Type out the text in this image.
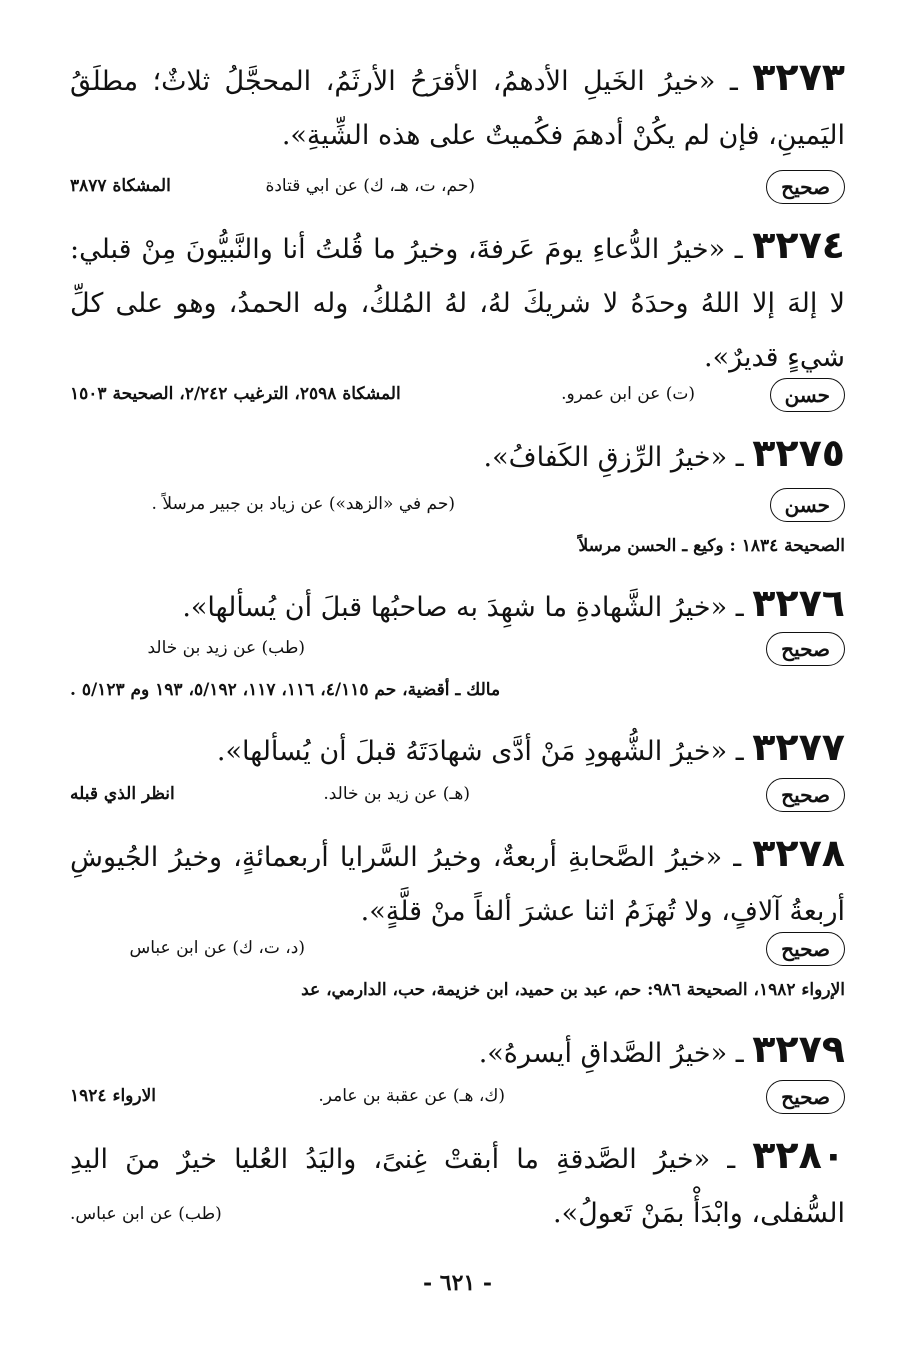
٣٢٧٣ ـ «خيرُ الخَيلِ الأدهمُ، الأقرَحُ الأرثَمُ، المحجَّلُ ثلاثٌ؛ مطلَقُ اليَمينِ، فإن لم يكُنْ أدهمَ فكُميتٌ على هذه الشِّيةِ».
صحيح
(حم، ت، هـ، ك) عن ابي قتادة
المشكاة ٣٨٧٧
٣٢٧٤ ـ «خيرُ الدُّعاءِ يومَ عَرفةَ، وخيرُ ما قُلتُ أنا والنَّبيُّونَ مِنْ قبلي: لا إلهَ إلا اللهُ وحدَهُ لا شريكَ لهُ، لهُ المُلكُ، وله الحمدُ، وهو على كلِّ شيءٍ قديرٌ».
حسن
(ت) عن ابن عمرو.
المشكاة ٢٥٩٨، الترغيب ٢/٢٤٢، الصحيحة ١٥٠٣
٣٢٧٥ ـ «خيرُ الرِّزقِ الكَفافُ».
حسن
(حم في «الزهد») عن زياد بن جبير مرسلاً .
الصحيحة ١٨٣٤ : وكيع ـ الحسن مرسلاً
٣٢٧٦ ـ «خيرُ الشَّهادةِ ما شهِدَ به صاحبُها قبلَ أن يُسألها».
صحيح
(طب) عن زيد بن خالد
مالك ـ أقضية، حم ٤/١١٥، ١١٦، ١١٧، ٥/١٩٢، ١٩٣ وم ٥/١٢٣ .
٣٢٧٧ ـ «خيرُ الشُّهودِ مَنْ أدَّى شهادَتَهُ قبلَ أن يُسألها».
صحيح
(هـ) عن زيد بن خالد.
انظر الذي قبله
٣٢٧٨ ـ «خيرُ الصَّحابةِ أربعةٌ، وخيرُ السَّرايا أربعمائةٍ، وخيرُ الجُيوشِ أربعةُ آلافٍ، ولا تُهزَمُ اثنا عشرَ ألفاً منْ قلَّةٍ».
صحيح
(د، ت، ك) عن ابن عباس
الإرواء ١٩٨٢، الصحيحة ٩٨٦: حم، عبد بن حميد، ابن خزيمة، حب، الدارمي، عد
٣٢٧٩ ـ «خيرُ الصَّداقِ أيسرهُ».
صحيح
(ك، هـ) عن عقبة بن عامر.
الارواء ١٩٢٤
٣٢٨٠ ـ «خيرُ الصَّدقةِ ما أبقتْ غِنىً، واليَدُ العُليا خيرٌ منَ اليدِ السُّفلى، وابْدَأْ بمَنْ تَعولُ».
(طب) عن ابن عباس.
- ٦٢١ -
